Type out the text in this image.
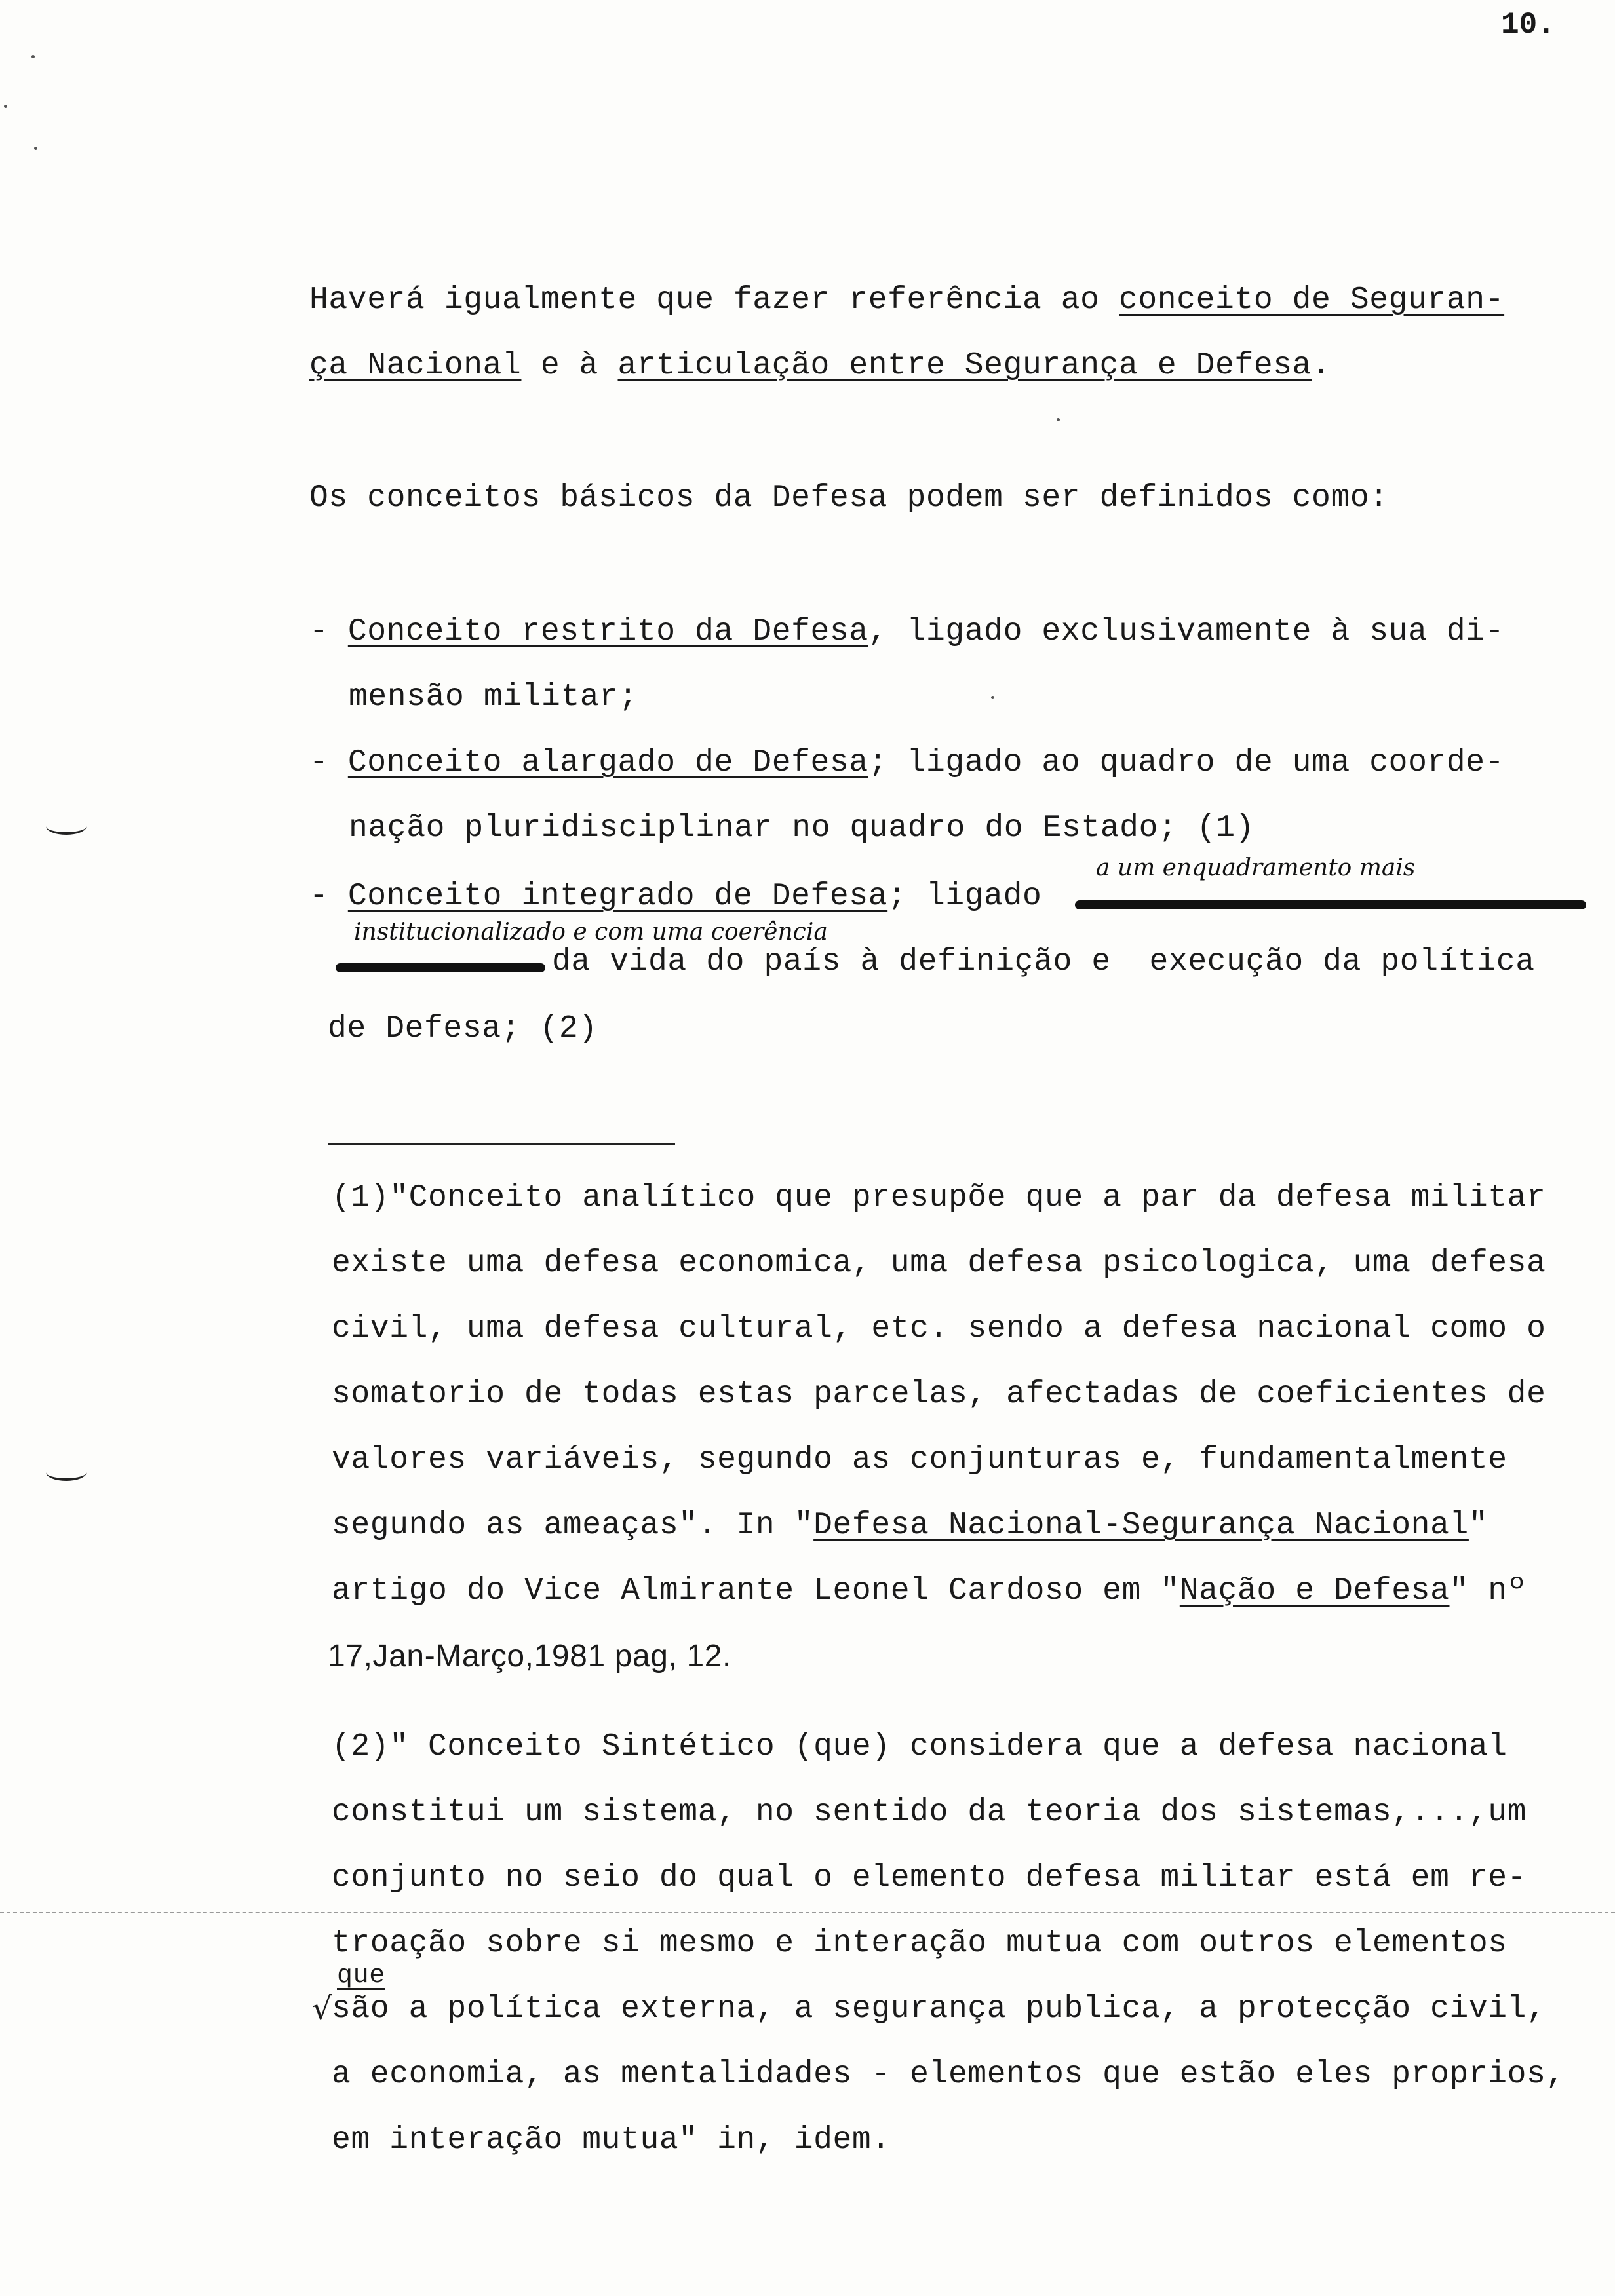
10.
Haverá igualmente que fazer referência ao conceito de Seguran-
ça Nacional e à articulação entre Segurança e Defesa.
Os conceitos básicos da Defesa podem ser definidos como:
- Conceito restrito da Defesa, ligado exclusivamente à sua di-
mensão militar;
- Conceito alargado de Defesa; ligado ao quadro de uma coorde-
nação pluridisciplinar no quadro do Estado; (1)
- Conceito integrado de Defesa; ligado
a um enquadramento mais
institucionalizado e com uma coerência
da vida do país à definição e  execução da política
de Defesa; (2)
(1)"Conceito analítico que presupõe que a par da defesa militar
existe uma defesa economica, uma defesa psicologica, uma defesa
civil, uma defesa cultural, etc. sendo a defesa nacional como o
somatorio de todas estas parcelas, afectadas de coeficientes de
valores variáveis, segundo as conjunturas e, fundamentalmente
segundo as ameaças". In "Defesa Nacional-Segurança Nacional"
artigo do Vice Almirante Leonel Cardoso em "Nação e Defesa" nº
17,Jan-Março,1981 pag, 12.
(2)" Conceito Sintético (que) considera que a defesa nacional
constitui um sistema, no sentido da teoria dos sistemas,...,um
conjunto no seio do qual o elemento defesa militar está em re-
troação sobre si mesmo e interação mutua com outros elementos
que
√
são a política externa, a segurança publica, a protecção civil,
a economia, as mentalidades - elementos que estão eles proprios,
em interação mutua" in, idem.
